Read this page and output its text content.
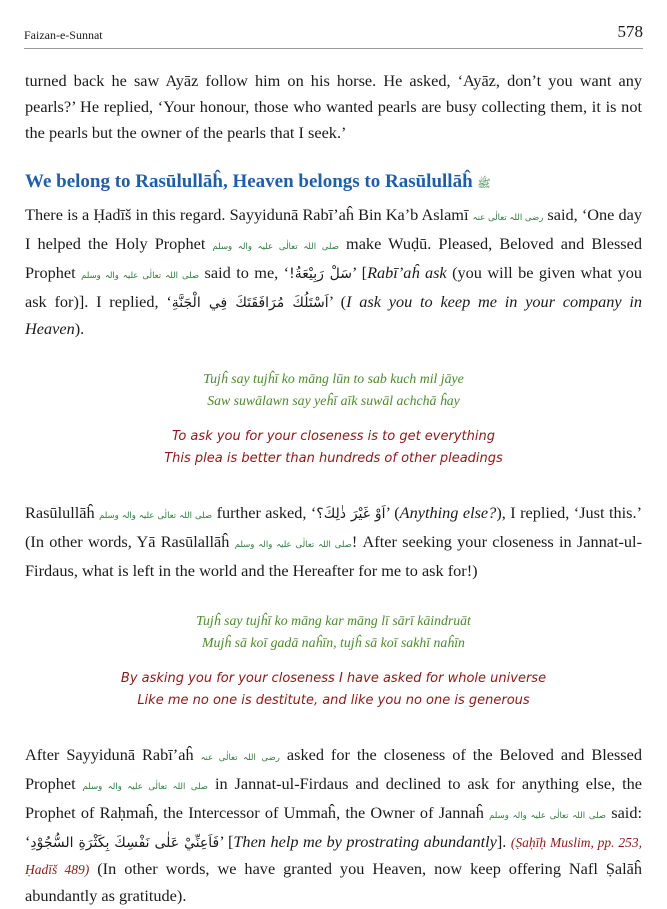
Faizan-e-Sunnat	578

turned back he saw Ayāz follow him on his horse. He asked, ‘Ayāz, don’t you want any pearls?’ He replied, ‘Your honour, those who wanted pearls are busy collecting them, it is not the pearls but the owner of the pearls that I seek.’

We belong to Rasūlullāĥ, Heaven belongs to Rasūlullāĥ ﷺ

There is a Ḥadīš in this regard. Sayyidunā Rabī’aĥ Bin Ka’b Aslamī رضی اللہ تعالٰی عنہ said, ‘One day I helped the Holy Prophet صلی اللہ تعالٰی علیہ والہ وسلم make Wuḍū. Pleased, Beloved and Blessed Prophet صلی اللہ تعالٰی علیہ والہ وسلم said to me, ‘سَلْ رَبِيْعَةُ!’ [Rabī’aĥ ask (you will be given what you ask for)]. I replied, ‘اَسْتَلُكَ مُرَافَقَتَكَ فِي الْجَنَّةِ’ (I ask you to keep me in your company in Heaven).

Tujĥ say tujĥī ko māng lūn to sab kuch mil jāye

Saw suwālawn say yeĥī aīk suwāl achchā ĥay

To ask you for your closeness is to get everything

This plea is better than hundreds of other pleadings

Rasūlullāĥ صلی اللہ تعالٰی علیہ والہ وسلم further asked, ‘اَوْ غَيْرَ ذٰلِكَ؟’ (Anything else?), I replied, ‘Just this.’ (In other words, Yā Rasūlallāĥ صلی اللہ تعالٰی علیہ والہ وسلم! After seeking your closeness in Jannat-ul-Firdaus, what is left in the world and the Hereafter for me to ask for!)

Tujĥ say tujĥī ko māng kar māng lī sārī kāindruāt

Mujĥ sā koī gadā naĥīn, tujĥ sā koī sakhī naĥīn

By asking you for your closeness I have asked for whole universe

Like me no one is destitute, and like you no one is generous

After Sayyidunā Rabī’aĥ رضی اللہ تعالٰی عنہ asked for the closeness of the Beloved and Blessed Prophet صلی اللہ تعالٰی علیہ والہ وسلم in Jannat-ul-Firdaus and declined to ask for anything else, the Prophet of Raḥmaĥ, the Intercessor of Ummaĥ, the Owner of Jannaĥ صلی اللہ تعالٰی علیہ والہ وسلم said: ‘فَاَعِنِّيْ عَلٰى نَفْسِكَ بِكَثْرَةِ السُّجُوْدِ’ [Then help me by prostrating abundantly]. (Ṣaḥīḥ Muslim, pp. 253, Ḥadīš 489) (In other words, we have granted you Heaven, now keep offering Nafl Ṣalāĥ abundantly as gratitude).
